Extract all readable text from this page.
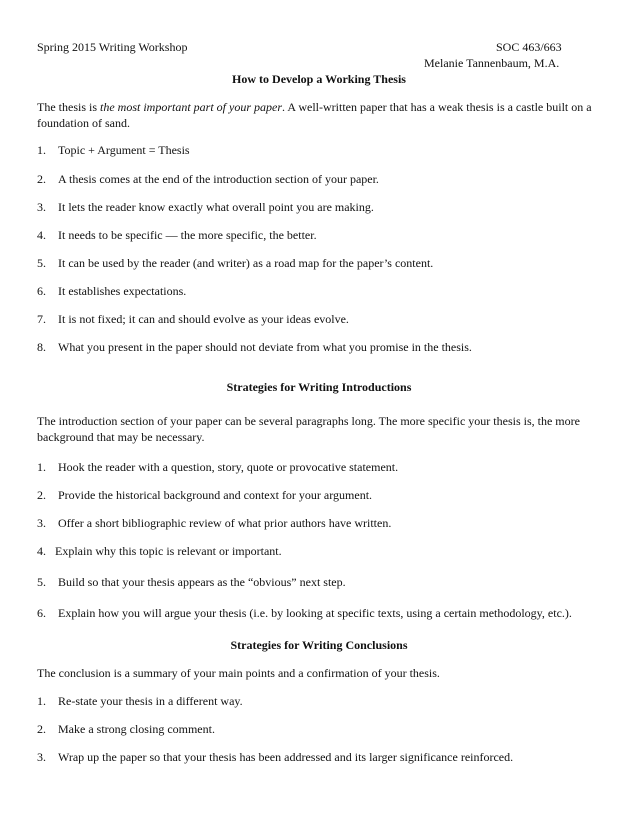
Spring 2015 Writing Workshop	SOC 463/663
Melanie Tannenbaum, M.A.
How to Develop a Working Thesis
The thesis is the most important part of your paper. A well-written paper that has a weak thesis is a castle built on a foundation of sand.
1. Topic + Argument = Thesis
2. A thesis comes at the end of the introduction section of your paper.
3. It lets the reader know exactly what overall point you are making.
4. It needs to be specific — the more specific, the better.
5. It can be used by the reader (and writer) as a road map for the paper’s content.
6. It establishes expectations.
7. It is not fixed; it can and should evolve as your ideas evolve.
8. What you present in the paper should not deviate from what you promise in the thesis.
Strategies for Writing Introductions
The introduction section of your paper can be several paragraphs long. The more specific your thesis is, the more background that may be necessary.
1. Hook the reader with a question, story, quote or provocative statement.
2. Provide the historical background and context for your argument.
3. Offer a short bibliographic review of what prior authors have written.
4. Explain why this topic is relevant or important.
5. Build so that your thesis appears as the “obvious” next step.
6. Explain how you will argue your thesis (i.e. by looking at specific texts, using a certain methodology, etc.).
Strategies for Writing Conclusions
The conclusion is a summary of your main points and a confirmation of your thesis.
1. Re-state your thesis in a different way.
2. Make a strong closing comment.
3. Wrap up the paper so that your thesis has been addressed and its larger significance reinforced.
